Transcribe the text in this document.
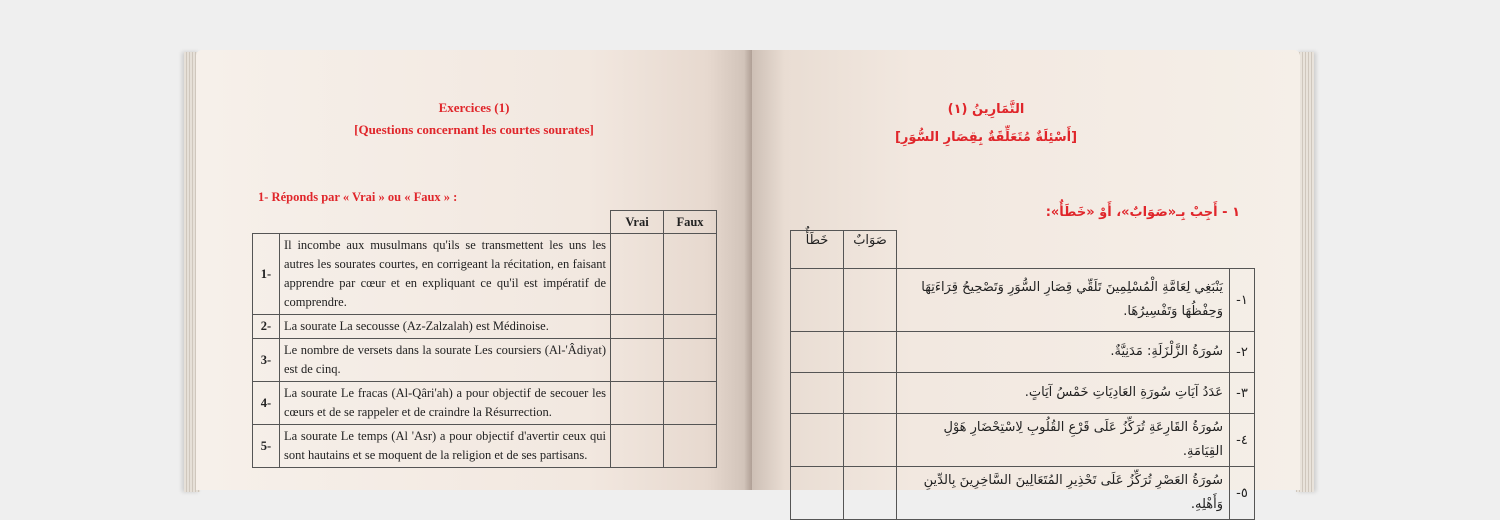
Exercices (1)
[Questions concernant les courtes sourates]
1- Réponds par « Vrai » ou « Faux » :
		Vrai	Faux
1-	Il incombe aux musulmans qu'ils se transmettent les uns les autres les sourates courtes, en corrigeant la récitation, en faisant apprendre par cœur et en expliquant ce qu'il est impératif de comprendre.		
2-	La sourate La secousse (Az-Zalzalah) est Médinoise.		
3-	Le nombre de versets dans la sourate Les coursiers (Al-'Âdiyat) est de cinq.		
4-	La sourate Le fracas (Al-Qâri'ah) a pour objectif de secouer les cœurs et de se rappeler et de craindre la Résurrection.		
5-	La sourate Le temps (Al 'Asr) a pour objectif d'avertir ceux qui sont hautains et se moquent de la religion et de ses partisans.		
التَّمَارِينُ (١)
[أَسْئِلَةٌ مُتَعَلِّقَةٌ بِقِصَارِ السُّوَرِ]
١ - أَجِبْ بِـ«صَوَابٌ»، أَوْ «خَطَأٌ»:
خَطَأٌ	صَوَابٌ		
		يَنْبَغِي لِعَامَّةِ الْمُسْلِمِينَ تَلَقِّي قِصَارِ السُّوَرِ وَتَصْحِيحُ قِرَاءَتِهَا وَحِفْظُهَا وَتَفْسِيرُهَا.	١-
		سُورَةُ الزَّلْزَلَةِ: مَدَنِيَّةٌ.	٢-
		عَدَدُ آيَاتِ سُورَةِ العَادِيَاتِ خَمْسُ آيَاتٍ.	٣-
		سُورَةُ القَارِعَةِ تُرَكِّزُ عَلَى قَرْعِ القُلُوبِ لِاسْتِحْضَارِ هَوْلِ القِيَامَةِ.	٤-
		سُورَةُ العَصْرِ تُرَكِّزُ عَلَى تَحْذِيرِ المُتَعَالِينَ السَّاخِرِينَ بِالدِّينِ وَأَهْلِهِ.	٥-
